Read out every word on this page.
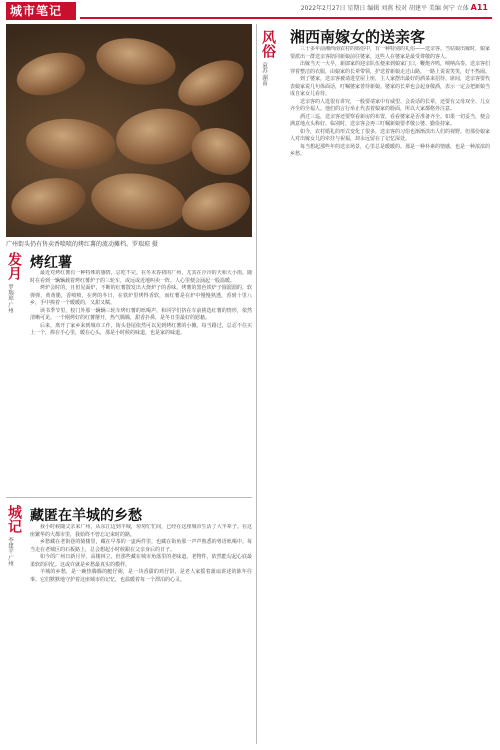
城市笔记	2022年2月27日 星期日 编辑 刘燕 校对 胡建平 美编 何宁 立体 A11
广州街头仍有售卖香喷喷的烤红薯的流动摊档。罗瑞琼 摄
风俗
袁苏 湖南
湘西南嫁女的送亲客

三十多年前湘西南农村的婚俗中，有一种特别的礼俗——送亲客。当姑娘出嫁时，娘家要派出一群送亲客陪同新娘前往婆家，这些人在婆家是最受尊敬的客人。

出嫁当天一大早，新郎家的迎亲队伍便来到娘家门口，鞭炮齐鸣，唢呐高奏。送亲客们穿着整洁的衣服，由娘家的长辈带领，护送着新娘走过山路，一路上说说笑笑，好不热闹。

到了婆家，送亲客被请进堂屋上座，主人家摆出最好的酒菜来招待。席间，送亲客要代表娘家说几句体面话，叮嘱婆家善待新娘。婆家的长辈也会起身敬酒，表示一定会把新娘当成自家女儿看待。

送亲客的人选很有讲究，一般要请家中有威望、会说话的长辈，还要有父母双全、儿女齐全的全福人。他们的言行举止代表着娘家的脸面，所以大家都格外注意。

酒过三巡，送亲客还要察看新房的布置，看看婆家是否准备齐全。如果一切妥当，便会满意地点头称好。临别时，送亲客会再三叮嘱新娘要孝敬公婆、勤俭持家。

如今，农村婚礼的形式变化了很多，送亲客的习俗也渐渐淡出人们的视野。但那份娘家人对出嫁女儿的牵挂与祝福，却永远留在了记忆深处。

每当想起那些年的送亲场景，心里总是暖暖的。那是一种朴素的情感，也是一种浓浓的乡愁。

发月
罗瑞琼 广州
烤红薯

最近对烤红薯有一种特殊的感情，总吃不完。在冬末春初的广州，尤其在冷冷的天和大小雨，随时在看到一辆辆载着烤红薯炉子的三轮车，或远或近地叫卖一阵。人心里便会涌起一股温暖。

烤炉会时的，且但见面炉，不断的红薯散发出大烧炉子的香味。烤薯的黑色铁炉子圆溜溜的，软弹弹，黄黄脆，香喷喷，在烤的冬日，在铁炉里烤得香软，而红薯是在炉中慢慢熟透，香到十里八乡，手中捧着一个暖暖的，又甜又糯。

读书季节里，校门外那一辆辆三轮车烤红薯的吆喝声，和同学们挤在车前挑选红薯的情形，依然清晰可见。一个刚烤好的红薯掰开，热气腾腾，甜香扑鼻，是冬日里最好的慰藉。

后来，离开了家乡来到城市工作，街头巷尾依然可以见到烤红薯的小摊。每当路过，总忍不住买上一个，捧在手心里，暖在心头，那是小时候的味道，也是家的味道。

城记
李建平 广州
藏匿在羊城的乡愁

我小时候随父亲来广州，从东江边到羊城，匆匆忙忙间，已经在这座城市生活了大半辈子。在这座繁华的大都市里，我始终不曾忘记来时的路。

乡愁藏在老街巷的骑楼里，藏在早茶的一盅两件里，也藏在街角那一声声熟悉的粤语吆喝中。每当走在老城区的石板路上，总会想起小时候跟在父亲身后的日子。

如今的广州日新月异，高楼林立，但那些藏在城市角落里的老味道、老物件，依然能勾起心底最柔软的回忆。这或许就是乡愁最真实的模样。

羊城的乡愁，是一碗热腾腾的艇仔粥，是一块香甜的鸡仔饼，是老人家摇着蒲扇讲述的陈年往事。它们默默地守护着这座城市的记忆，也温暖着每一个漂泊的心灵。
